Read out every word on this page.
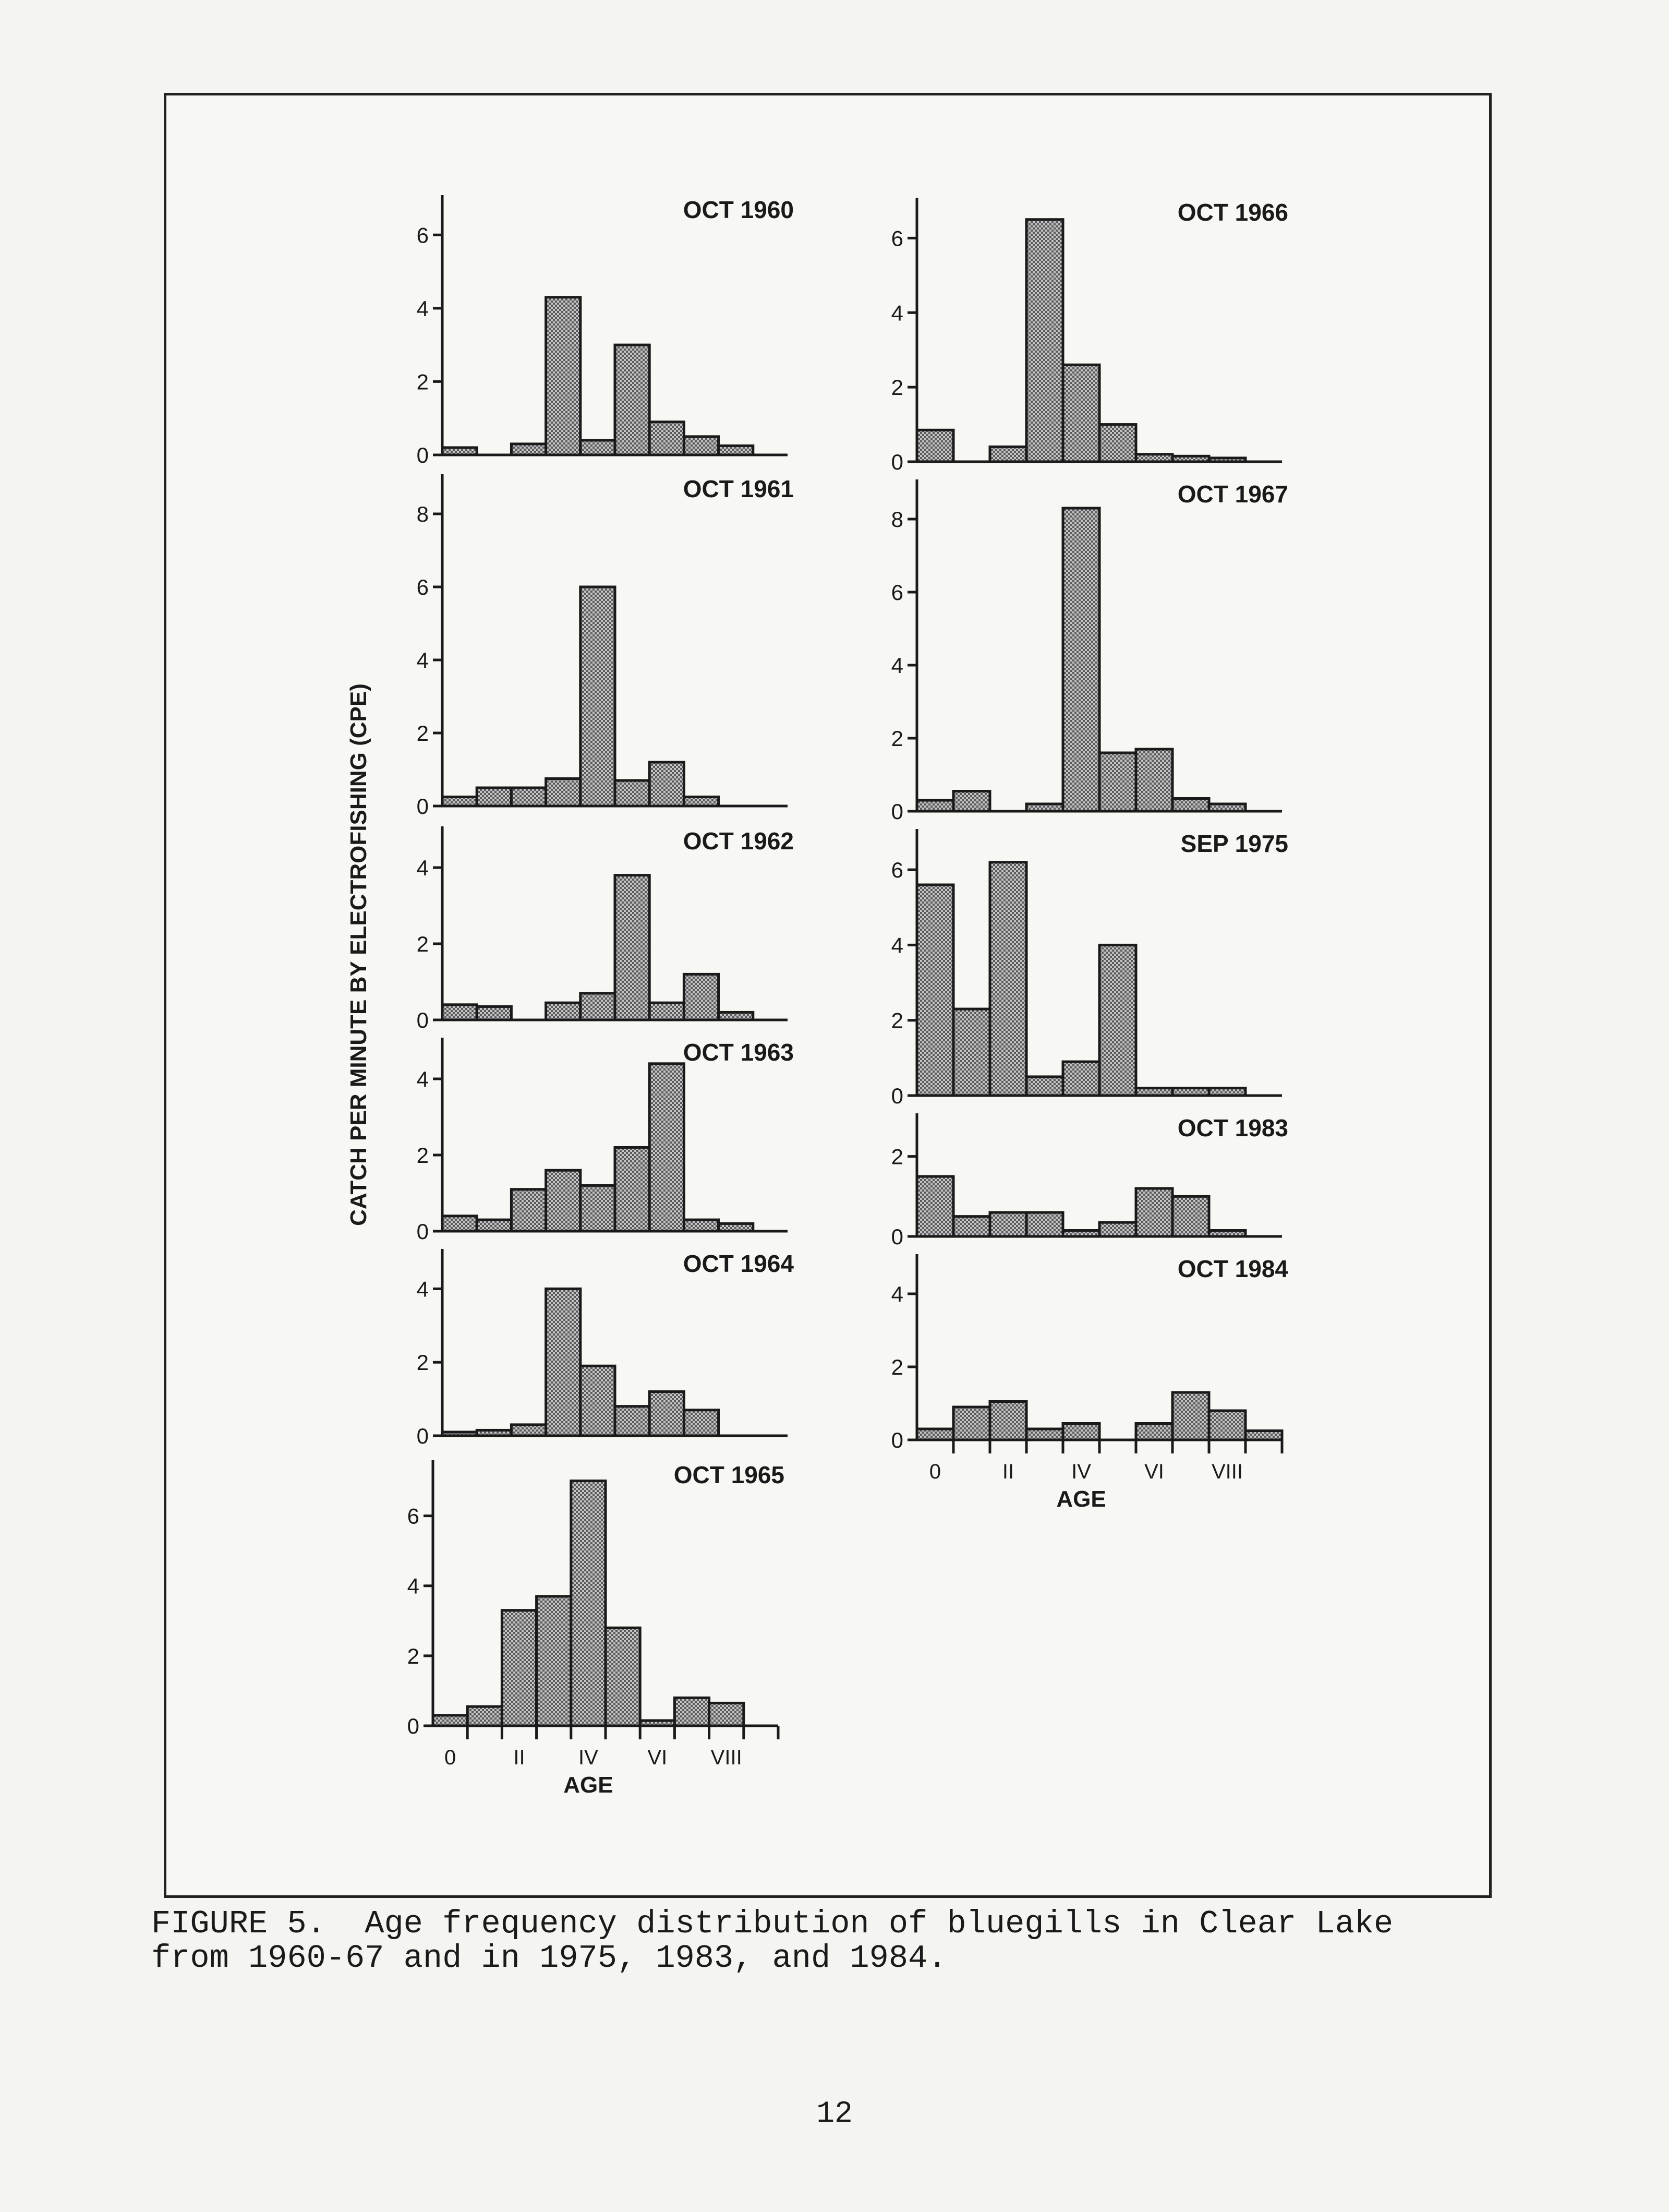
0
2
4
6
OCT 1960
0
2
4
6
8
OCT 1961
0
2
4
OCT 1962
0
2
4
OCT 1963
0
2
4
OCT 1964
0
2
4
6
OCT 1965
0	II	IV VI VIII
AGE
0
2
4
6
OCT 1966
0
2
4
6
8
OCT 1967
0
2
4
6
SEP 1975
0
2
OCT 1983
0
2
4
OCT 1984
0	II	IV	VI VIII
AGE
CATCH PER MINUTE BY ELECTROFISHING (CPE)

FIGURE 5.  Age frequency distribution of bluegills in Clear Lake
from 1960-67 and in 1975, 1983, and 1984.

12
